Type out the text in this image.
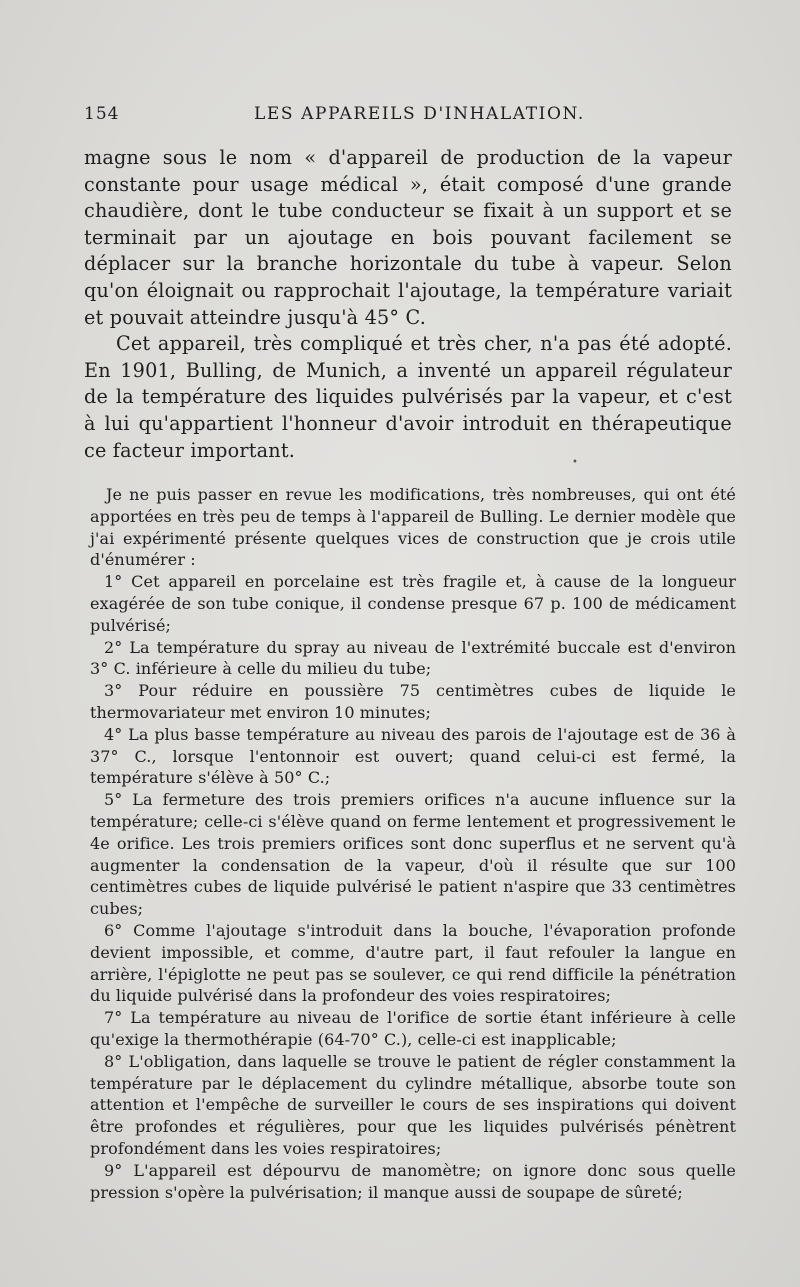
154	LES APPAREILS D'INHALATION.

magne sous le nom « d'appareil de production de la vapeur constante pour usage médical », était composé d'une grande chaudière, dont le tube conducteur se fixait à un support et se terminait par un ajoutage en bois pouvant facilement se déplacer sur la branche horizontale du tube à vapeur. Selon qu'on éloignait ou rapprochait l'ajoutage, la température variait et pouvait atteindre jusqu'à 45° C.

Cet appareil, très compliqué et très cher, n'a pas été adopté. En 1901, Bulling, de Munich, a inventé un appareil régulateur de la température des liquides pulvérisés par la vapeur, et c'est à lui qu'appartient l'honneur d'avoir introduit en thérapeutique ce facteur important.

•

Je ne puis passer en revue les modifications, très nombreuses, qui ont été apportées en très peu de temps à l'appareil de Bulling. Le dernier modèle que j'ai expérimenté présente quelques vices de construction que je crois utile d'énumérer :

1° Cet appareil en porcelaine est très fragile et, à cause de la longueur exagérée de son tube conique, il condense presque 67 p. 100 de médicament pulvérisé;

2° La température du spray au niveau de l'extrémité buccale est d'environ 3° C. inférieure à celle du milieu du tube;

3° Pour réduire en poussière 75 centimètres cubes de liquide le thermovariateur met environ 10 minutes;

4° La plus basse température au niveau des parois de l'ajoutage est de 36 à 37° C., lorsque l'entonnoir est ouvert; quand celui-ci est fermé, la température s'élève à 50° C.;

5° La fermeture des trois premiers orifices n'a aucune influence sur la température; celle-ci s'élève quand on ferme lentement et progressivement le 4e orifice. Les trois premiers orifices sont donc superflus et ne servent qu'à augmenter la condensation de la vapeur, d'où il résulte que sur 100 centimètres cubes de liquide pulvérisé le patient n'aspire que 33 centimètres cubes;

6° Comme l'ajoutage s'introduit dans la bouche, l'évaporation profonde devient impossible, et comme, d'autre part, il faut refouler la langue en arrière, l'épiglotte ne peut pas se soulever, ce qui rend difficile la pénétration du liquide pulvérisé dans la profondeur des voies respiratoires;

7° La température au niveau de l'orifice de sortie étant inférieure à celle qu'exige la thermothérapie (64-70° C.), celle-ci est inapplicable;

8° L'obligation, dans laquelle se trouve le patient de régler constamment la température par le déplacement du cylindre métallique, absorbe toute son attention et l'empêche de surveiller le cours de ses inspirations qui doivent être profondes et régulières, pour que les liquides pulvérisés pénètrent profondément dans les voies respiratoires;

9° L'appareil est dépourvu de manomètre; on ignore donc sous quelle pression s'opère la pulvérisation; il manque aussi de soupape de sûreté;
